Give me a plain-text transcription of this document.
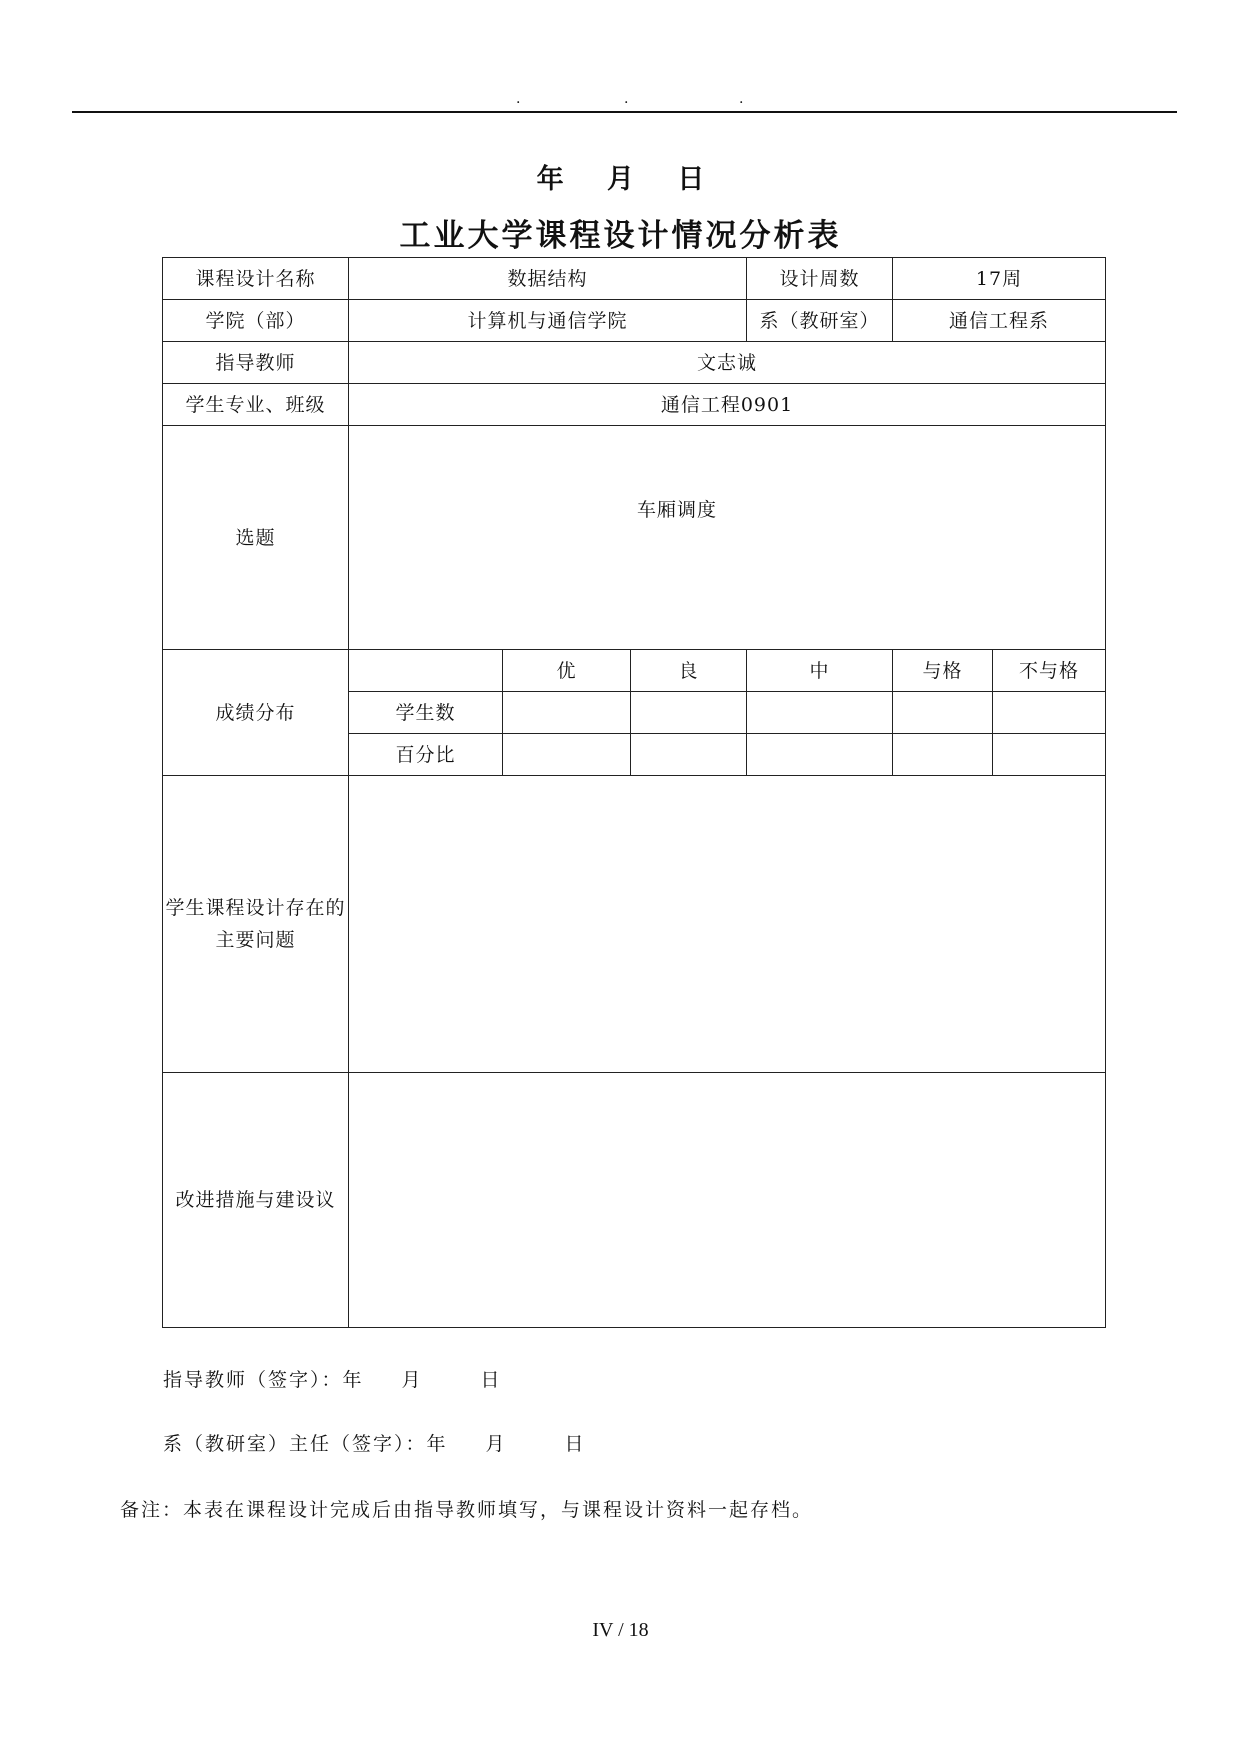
.	.	.
年 月 日
工业大学课程设计情况分析表
课程设计名称	数据结构			设计周数	17周	
学院（部）	计算机与通信学院			系（教研室）	通信工程系	
指导教师	文志诚					
学生专业、班级	通信工程0901					
选题	车厢调度					

成绩分布		优	良	中	与格	不与格
	学生数					
	百分比					
学生课程设计存在的主要问题						
改进措施与建设议						
指导教师（签字）：年 月	日
系（教研室）主任（签字）：年 月	日
备注：本表在课程设计完成后由指导教师填写，与课程设计资料一起存档。
IV / 18
